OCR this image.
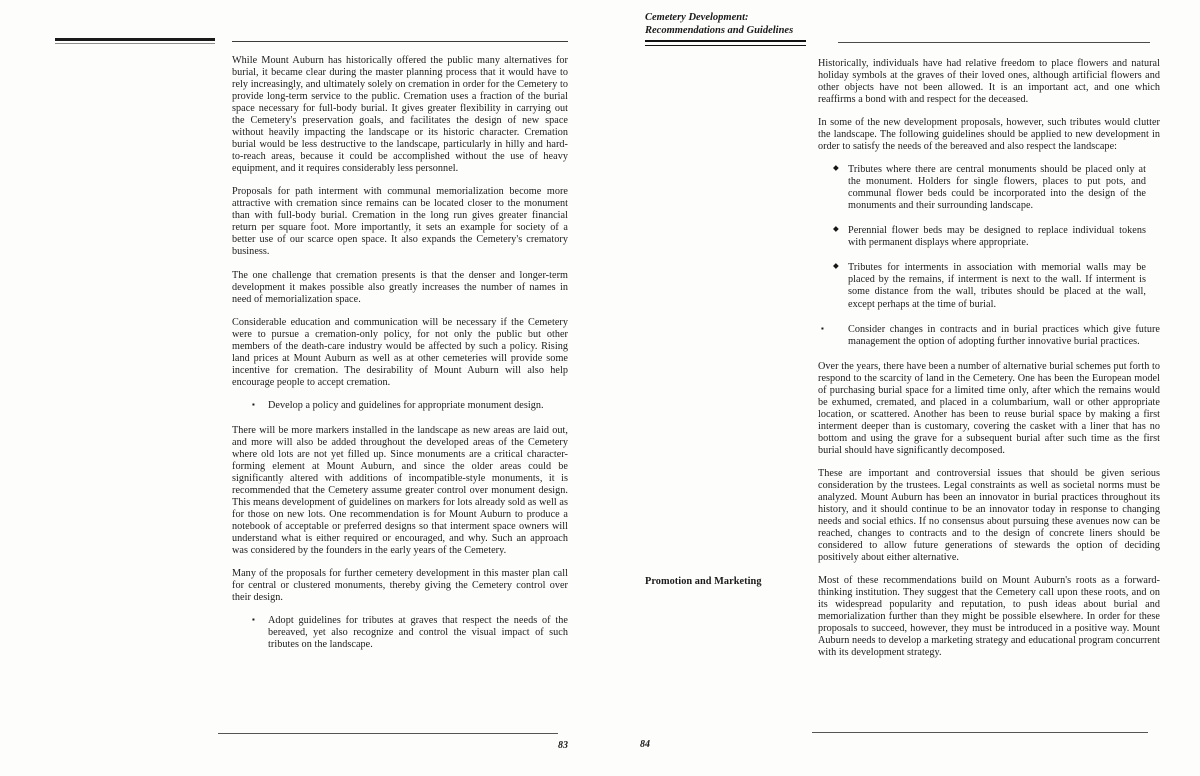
Cemetery Development:
Recommendations and Guidelines

While Mount Auburn has historically offered the public many alternatives for burial, it became clear during the master planning process that it would have to rely increasingly, and ultimately solely on cremation in order for the Cemetery to provide long-term service to the public. Cremation uses a fraction of the burial space necessary for full-body burial. It gives greater flexibility in carrying out the Cemetery's preservation goals, and facilitates the design of new space without heavily impacting the landscape or its historic character. Cremation burial would be less destructive to the landscape, particularly in hilly and hard-to-reach areas, because it could be accomplished without the use of heavy equipment, and it requires considerably less personnel.

Proposals for path interment with communal memorialization become more attractive with cremation since remains can be located closer to the monument than with full-body burial. Cremation in the long run gives greater financial return per square foot. More importantly, it sets an example for society of a better use of our scarce open space. It also expands the Cemetery's crematory business.

The one challenge that cremation presents is that the denser and longer-term development it makes possible also greatly increases the number of names in need of memorialization space.

Considerable education and communication will be necessary if the Cemetery were to pursue a cremation-only policy, for not only the public but other members of the death-care industry would be affected by such a policy. Rising land prices at Mount Auburn as well as at other cemeteries will provide some incentive for cremation. The desirability of Mount Auburn will also help encourage people to accept cremation.

▪	Develop a policy and guidelines for appropriate monument design.

There will be more markers installed in the landscape as new areas are laid out, and more will also be added throughout the developed areas of the Cemetery where old lots are not yet filled up. Since monuments are a critical character-forming element at Mount Auburn, and since the older areas could be significantly altered with additions of incompatible-style monuments, it is recommended that the Cemetery assume greater control over monument design. This means development of guidelines on markers for lots already sold as well as for those on new lots. One recommendation is for Mount Auburn to produce a notebook of acceptable or preferred designs so that interment space owners will understand what is either required or encouraged, and why. Such an approach was considered by the founders in the early years of the Cemetery.

Many of the proposals for further cemetery development in this master plan call for central or clustered monuments, thereby giving the Cemetery control over their design.

▪	Adopt guidelines for tributes at graves that respect the needs of the bereaved, yet also recognize and control the visual impact of such tributes on the landscape.

Historically, individuals have had relative freedom to place flowers and natural holiday symbols at the graves of their loved ones, although artificial flowers and other objects have not been allowed. It is an important act, and one which reaffirms a bond with and respect for the deceased.

In some of the new development proposals, however, such tributes would clutter the landscape. The following guidelines should be applied to new development in order to satisfy the needs of the bereaved and also respect the landscape:

◆ Tributes where there are central monuments should be placed only at the monument. Holders for single flowers, places to put pots, and communal flower beds could be incorporated into the design of the monuments and their surrounding landscape.
◆ Perennial flower beds may be designed to replace individual tokens with permanent displays where appropriate.
◆ Tributes for interments in association with memorial walls may be placed by the remains, if interment is next to the wall. If interment is some distance from the wall, tributes should be placed at the wall, except perhaps at the time of burial.
▪	Consider changes in contracts and in burial practices which give future management the option of adopting further innovative burial practices.

Over the years, there have been a number of alternative burial schemes put forth to respond to the scarcity of land in the Cemetery. One has been the European model of purchasing burial space for a limited time only, after which the remains would be exhumed, cremated, and placed in a columbarium, wall or other appropriate location, or scattered. Another has been to reuse burial space by making a first interment deeper than is customary, covering the casket with a liner that has no bottom and using the grave for a subsequent burial after such time as the first burial should have significantly decomposed.

These are important and controversial issues that should be given serious consideration by the trustees. Legal constraints as well as societal norms must be analyzed. Mount Auburn has been an innovator in burial practices throughout its history, and it should continue to be an innovator today in response to changing needs and social ethics. If no consensus about pursuing these avenues now can be reached, changes to contracts and to the design of concrete liners should be considered to allow future generations of stewards the option of deciding positively about either alternative.

Promotion and Marketing	Most of these recommendations build on Mount Auburn's roots as a forward-thinking institution. They suggest that the Cemetery call upon these roots, and on its widespread popularity and reputation, to push ideas about burial and memorialization further than they might be possible elsewhere. In order for these proposals to succeed, however, they must be introduced in a positive way. Mount Auburn needs to develop a marketing strategy and educational program concurrent with its development strategy.

83	84
